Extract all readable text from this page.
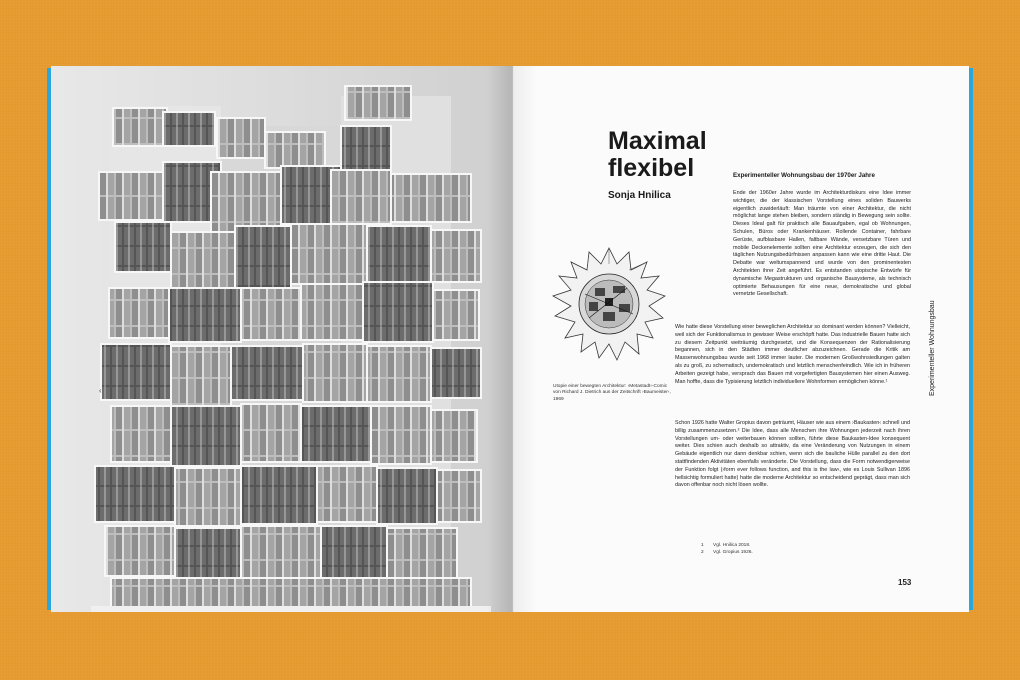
‹
Maximal flexibel
Sonja Hnilica
Experimenteller Wohnungsbau der 1970er Jahre

Ende der 1960er Jahre wurde im Architekturdiskurs eine Idee immer wichtiger, die der klassischen Vorstellung eines soliden Bauwerks eigentlich zuwiderläuft: Man träumte von einer Architektur, die nicht möglichst lange stehen bleiben, sondern ständig in Bewegung sein sollte. Dieses Ideal galt für praktisch alle Bauaufgaben, egal ob Wohnungen, Schulen, Büros oder Krankenhäuser. Rollende Container, fahrbare Gerüste, aufblasbare Hallen, faltbare Wände, versetzbare Türen und mobile Deckenelemente sollten eine Architektur erzeugen, die sich den täglichen Nutzungsbedürfnissen anpassen kann wie eine dritte Haut. Die Debatte war weltumspannend und wurde von den prominentesten Architekten ihrer Zeit angeführt. Es entstanden utopische Entwürfe für dynamische Megastrukturen und organische Bausysteme, als technisch optimierte Behausungen für eine neue, demokratische und global vernetzte Gesellschaft.

Wie hatte diese Vorstellung einer beweglichen Architektur so dominant werden können? Vielleicht, weil sich der Funktionalismus in gewisser Weise erschöpft hatte. Das industrielle Bauen hatte sich zu diesem Zeitpunkt weiträumig durchgesetzt, und die Konsequenzen der Rationalisierung begannen, sich in den Städten immer deutlicher abzuzeichnen. Gerade die Kritik am Massenwohnungsbau wurde seit 1968 immer lauter. Die modernen Großwohnsiedlungen galten als zu groß, zu schematisch, undemokratisch und letztlich menschenfeindlich. Wie ich in früheren Arbeiten gezeigt habe, versprach das Bauen mit vorgefertigten Bausystemen hier einen Ausweg. Man hoffte, dass die Typisierung letztlich individuellere Wohnformen ermöglichen könne.¹

Schon 1926 hatte Walter Gropius davon geträumt, Häuser wie aus einem ›Baukasten‹ schnell und billig zusammenzusetzen.² Die Idee, dass alle Menschen ihre Wohnungen jederzeit nach ihren Vorstellungen um- oder weiterbauen können sollten, führte diese Baukasten-Idee konsequent weiter. Dies schien auch deshalb so attraktiv, da eine Veränderung von Nutzungen in einem Gebäude eigentlich nur dann denkbar schien, wenn sich die bauliche Hülle parallel zu den dort stattfindenden Aktivitäten ebenfalls veränderte. Die Vorstellung, dass die Form notwendigerweise der Funktion folgt (›form ever follows function, and this is the law‹, wie es Louis Sullivan 1896 hellsichtig formuliert hatte) hatte die moderne Architektur so entscheidend geprägt, dass man sich davon offenbar noch nicht lösen wollte.

Utopie einer bewegten Architektur: ›Metastadt‹-Comic von Richard J. Dietrich aus der Zeitschrift ›Baumeister‹, 1969

1 Vgl. Hnilica 2018.
2 Vgl. Gropius 1926.
153
Experimenteller Wohnungsbau
